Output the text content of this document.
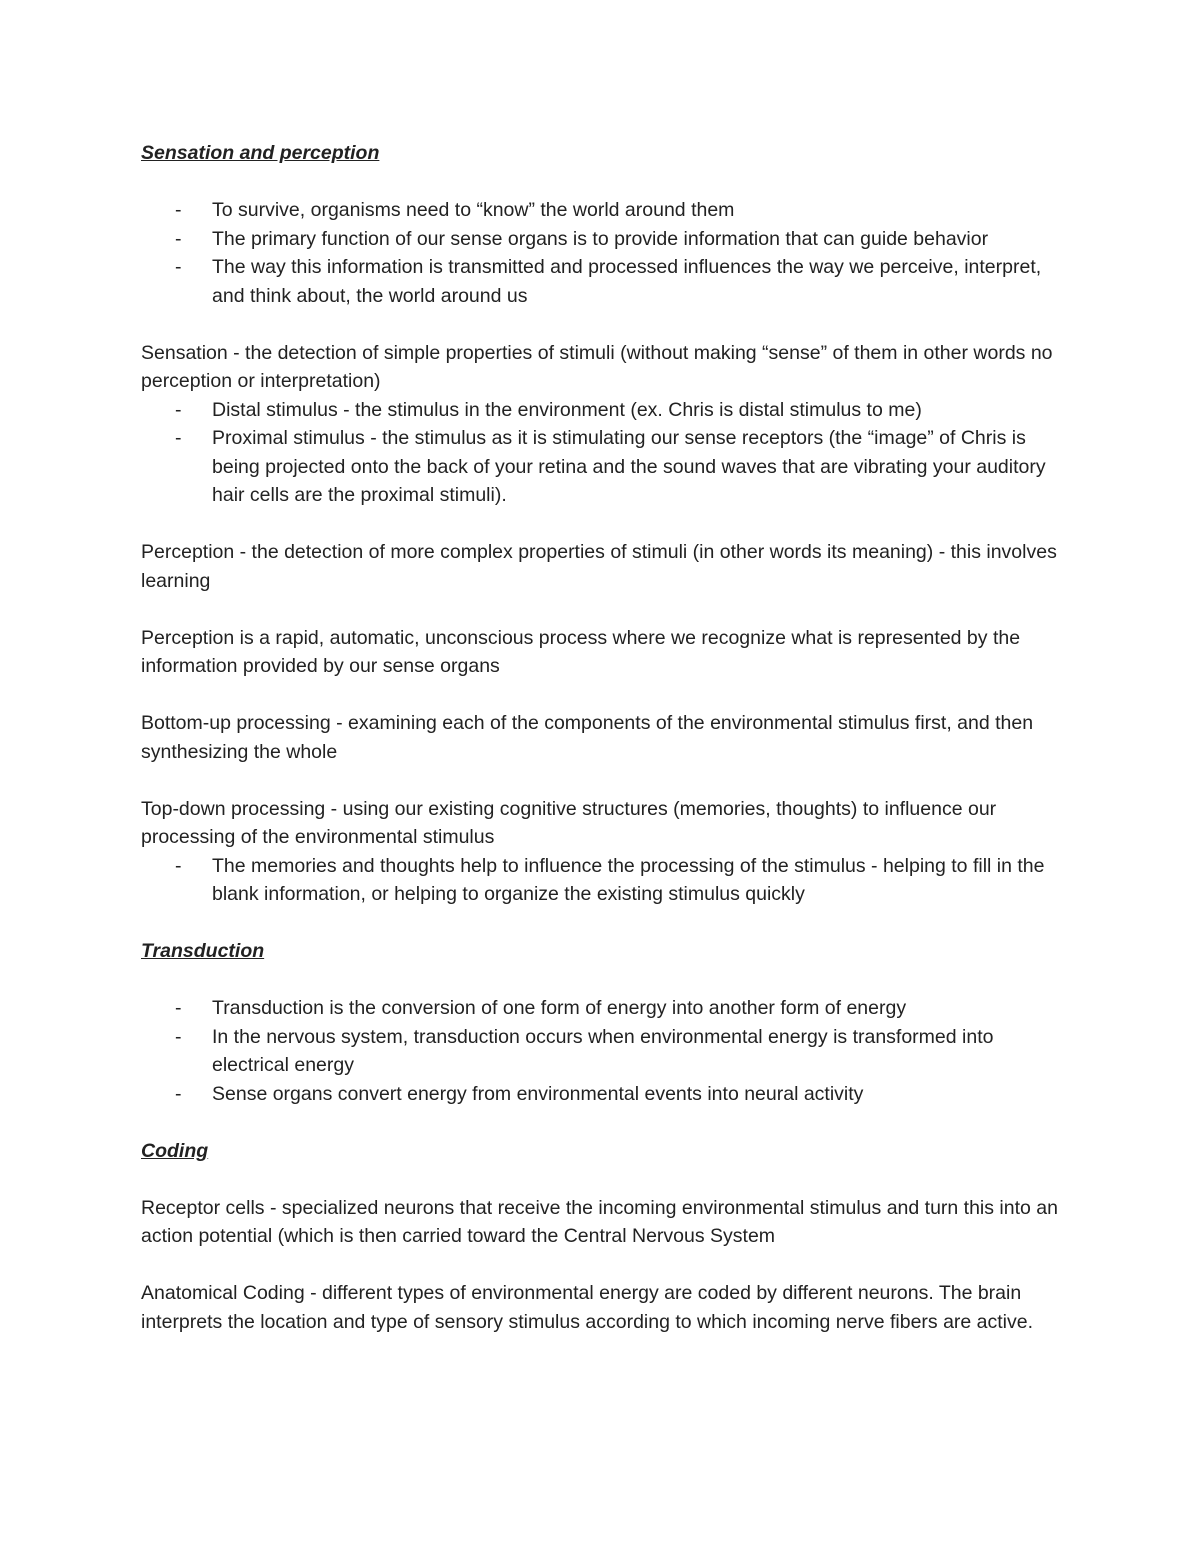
Sensation and perception

- To survive, organisms need to “know” the world around them
- The primary function of our sense organs is to provide information that can guide behavior
- The way this information is transmitted and processed influences the way we perceive, interpret, and think about, the world around us

Sensation - the detection of simple properties of stimuli (without making “sense” of them in other words no perception or interpretation)

- Distal stimulus - the stimulus in the environment (ex. Chris is distal stimulus to me)
- Proximal stimulus - the stimulus as it is stimulating our sense receptors (the “image” of Chris is being projected onto the back of your retina and the sound waves that are vibrating your auditory hair cells are the proximal stimuli).

Perception - the detection of more complex properties of stimuli (in other words its meaning) - this involves learning

Perception is a rapid, automatic, unconscious process where we recognize what is represented by the information provided by our sense organs

Bottom-up processing - examining each of the components of the environmental stimulus first, and then synthesizing the whole

Top-down processing - using our existing cognitive structures (memories, thoughts) to influence our processing of the environmental stimulus

- The memories and thoughts help to influence the processing of the stimulus - helping to fill in the blank information, or helping to organize the existing stimulus quickly

Transduction

- Transduction is the conversion of one form of energy into another form of energy
- In the nervous system, transduction occurs when environmental energy is transformed into electrical energy
- Sense organs convert energy from environmental events into neural activity

Coding

Receptor cells - specialized neurons that receive the incoming environmental stimulus and turn this into an action potential (which is then carried toward the Central Nervous System

Anatomical Coding - different types of environmental energy are coded by different neurons. The brain interprets the location and type of sensory stimulus according to which incoming nerve fibers are active.
